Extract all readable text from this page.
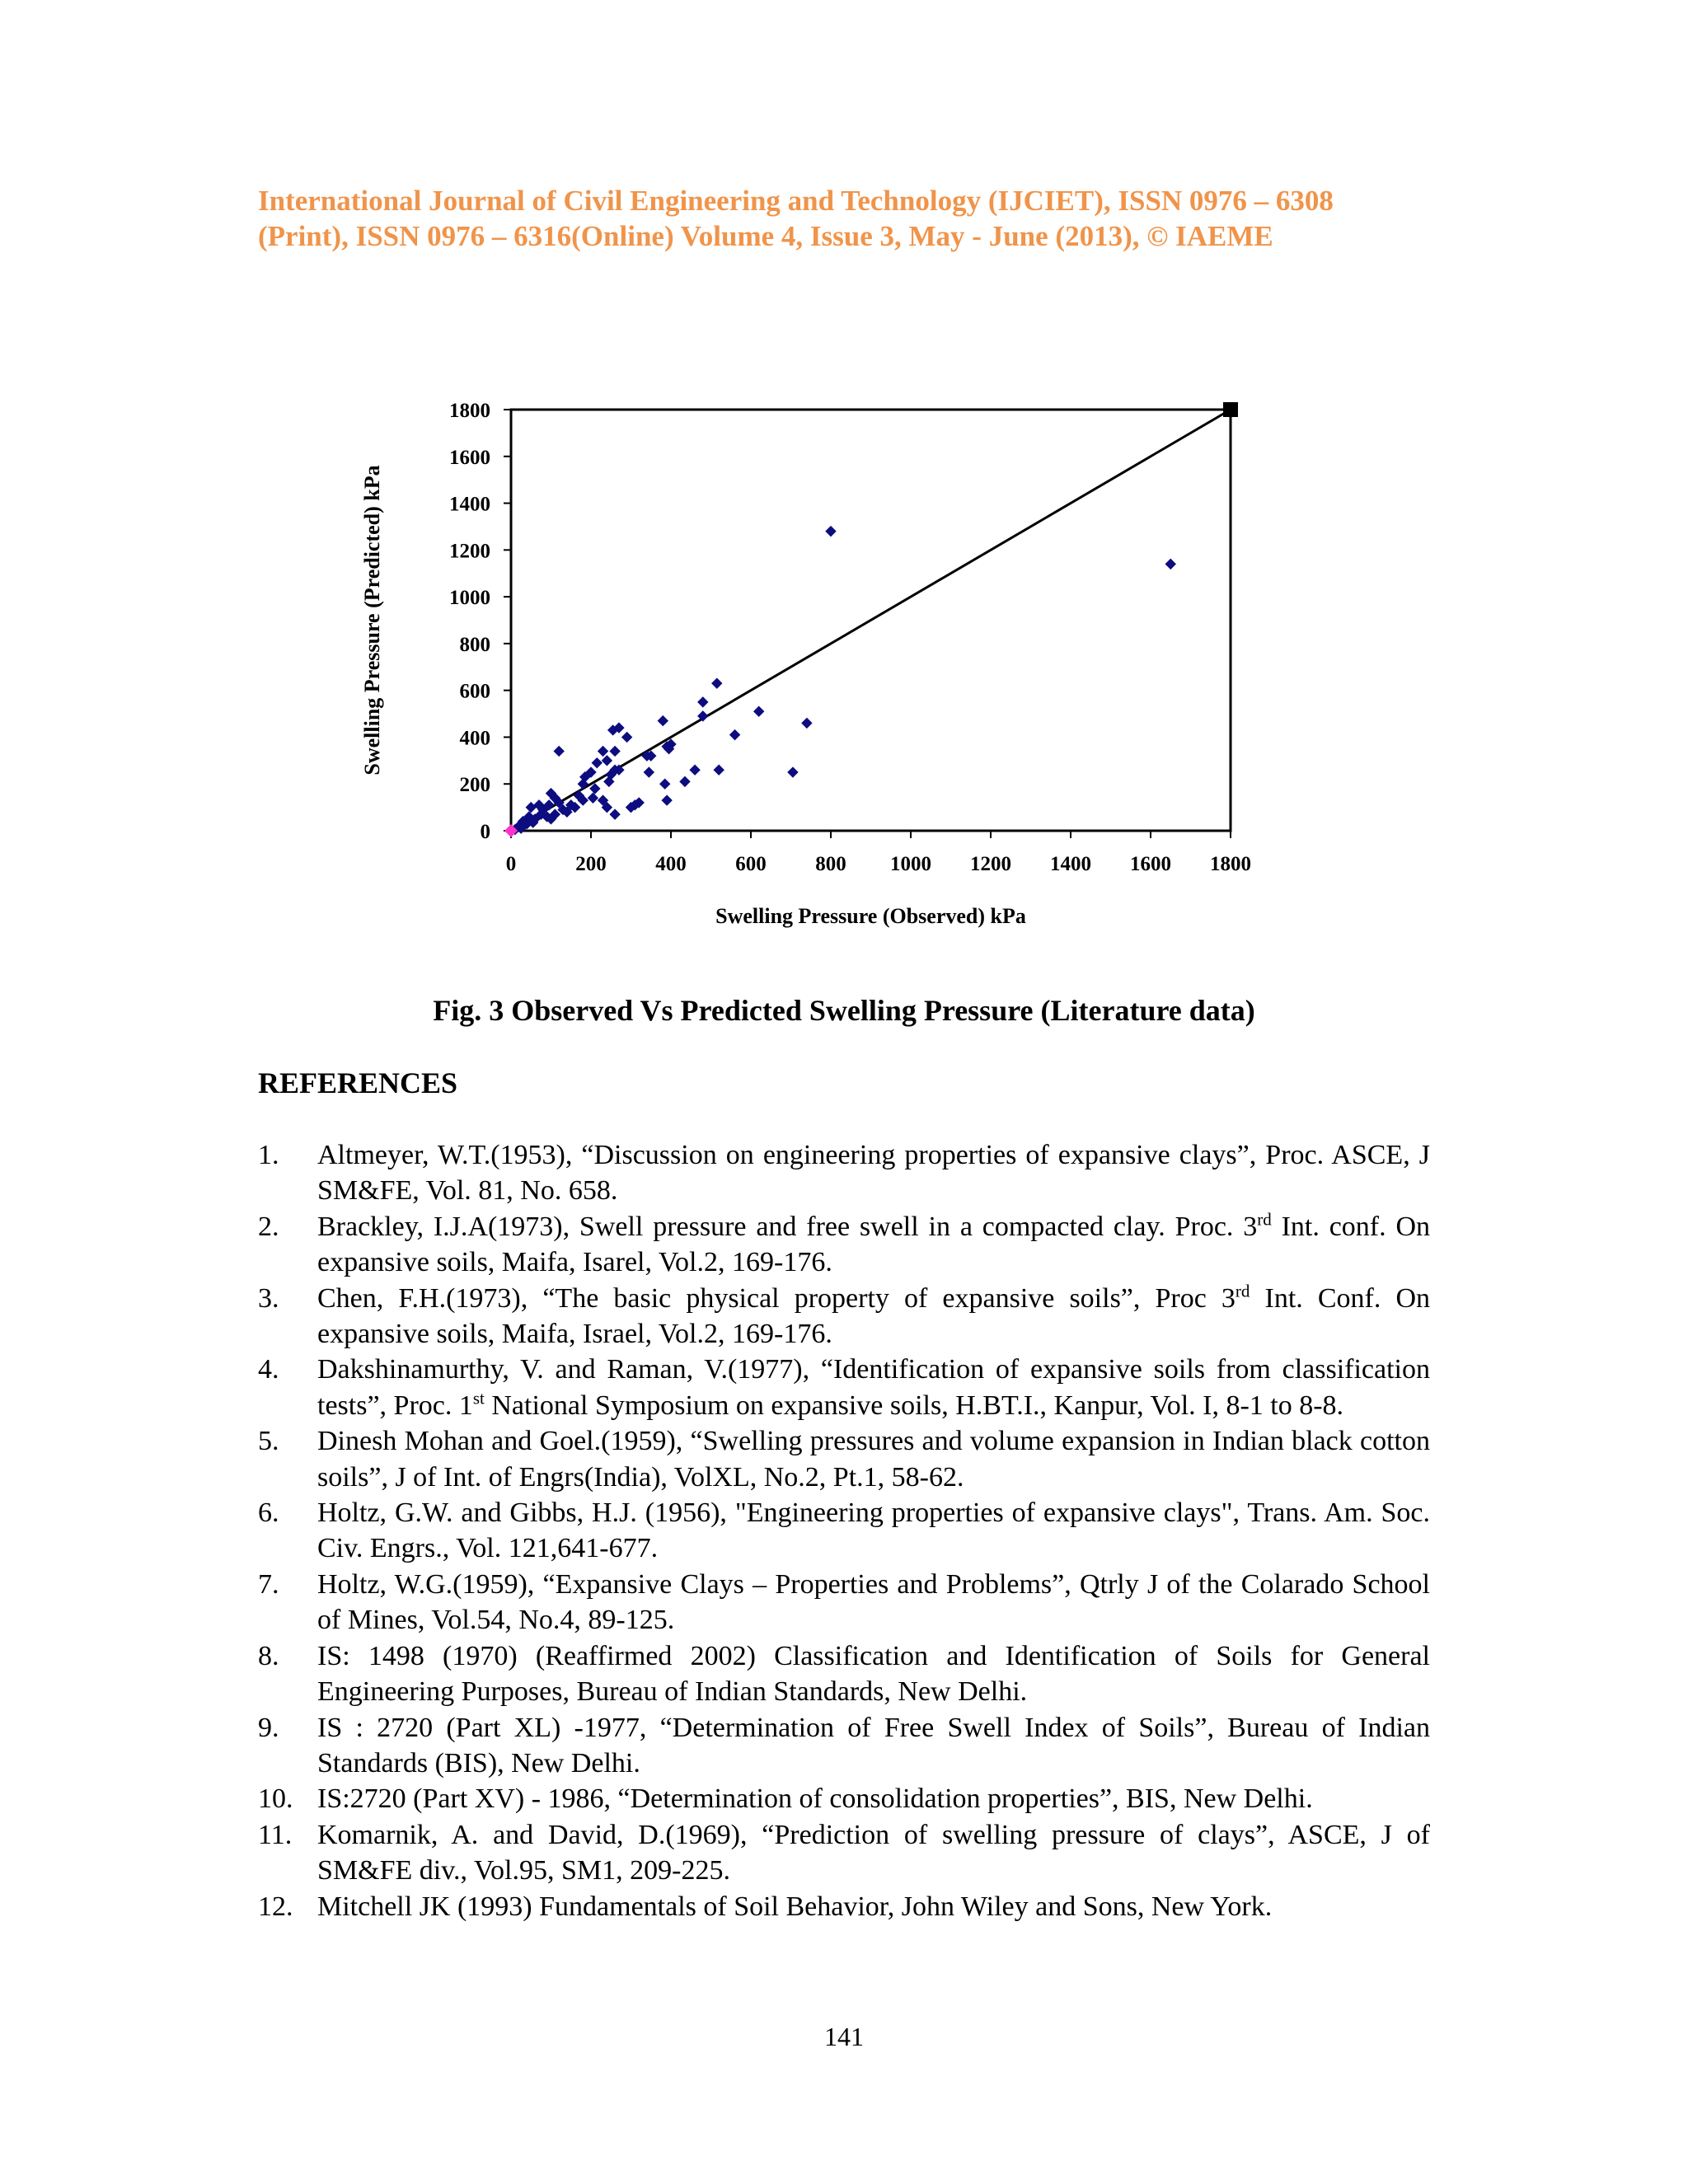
International Journal of Civil Engineering and Technology (IJCIET), ISSN 0976 – 6308
(Print), ISSN 0976 – 6316(Online) Volume 4, Issue 3, May - June (2013), © IAEME
0
200
400
600
800
1000
1200
1400
1600
1800
0	200 400 600 800 1000 1200 1400 1600 1800
Swelling Pressure (Observed) kPa
Swelling Pressure (Predicted) kPa
Fig. 3 Observed Vs Predicted Swelling Pressure (Literature data)
REFERENCES
1.	Altmeyer, W.T.(1953), “Discussion on engineering properties of expansive clays”, Proc. ASCE, J SM&FE, Vol. 81, No. 658.
2.	Brackley, I.J.A(1973), Swell pressure and free swell in a compacted clay. Proc. 3rd Int. conf. On expansive soils, Maifa, Isarel, Vol.2, 169-176.
3.	Chen, F.H.(1973), “The basic physical property of expansive soils”, Proc 3rd Int. Conf. On expansive soils, Maifa, Israel, Vol.2, 169-176.
4.	Dakshinamurthy, V. and Raman, V.(1977), “Identification of expansive soils from classification tests”, Proc. 1st National Symposium on expansive soils, H.BT.I., Kanpur, Vol. I, 8-1 to 8-8.
5.	Dinesh Mohan and Goel.(1959), “Swelling pressures and volume expansion in Indian black cotton soils”, J of Int. of Engrs(India), VolXL, No.2, Pt.1, 58-62.
6.	Holtz, G.W. and Gibbs, H.J. (1956), "Engineering properties of expansive clays", Trans. Am. Soc. Civ. Engrs., Vol. 121,641-677.
7.	Holtz, W.G.(1959), “Expansive Clays – Properties and Problems”, Qtrly J of the Colarado School of Mines, Vol.54, No.4, 89-125.
8.	IS: 1498 (1970) (Reaffirmed 2002) Classification and Identification of Soils for General Engineering Purposes, Bureau of Indian Standards, New Delhi.
9.	IS : 2720 (Part XL) -1977, “Determination of Free Swell Index of Soils”, Bureau of Indian Standards (BIS), New Delhi.
10. IS:2720 (Part XV) - 1986, “Determination of consolidation properties”, BIS, New Delhi.
11. Komarnik, A. and David, D.(1969), “Prediction of swelling pressure of clays”, ASCE, J of SM&FE div., Vol.95, SM1, 209-225.
12. Mitchell JK (1993) Fundamentals of Soil Behavior, John Wiley and Sons, New York.
141
